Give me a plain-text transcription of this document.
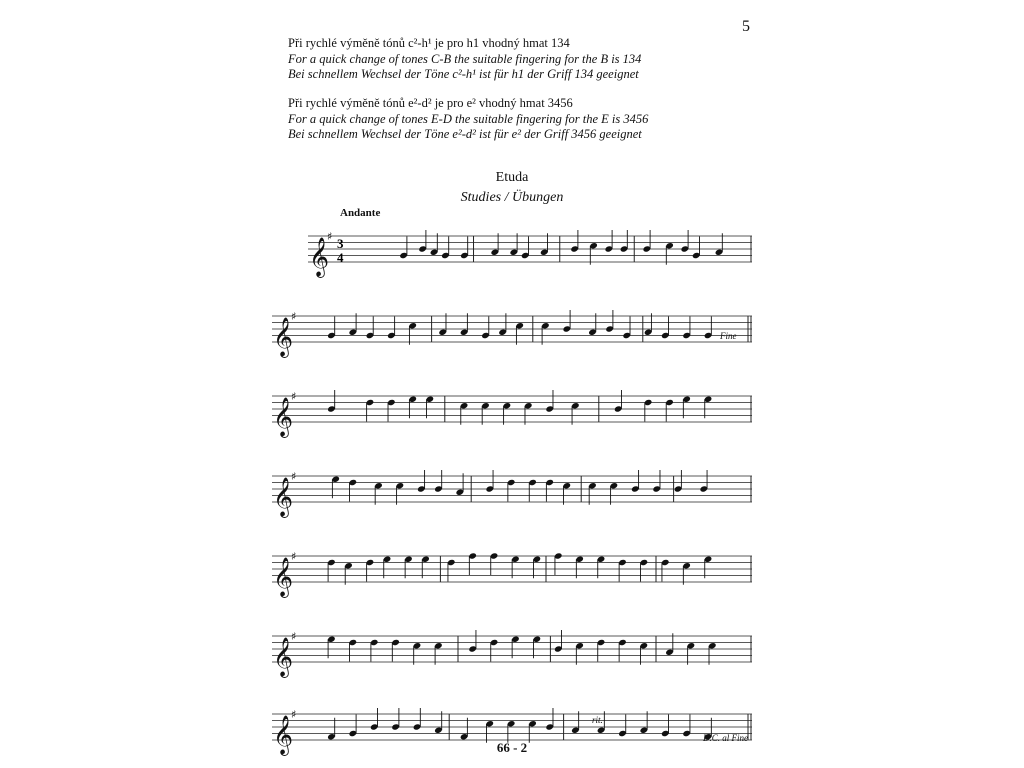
5
Při rychlé výměně tónů c²-h¹ je pro h1 vhodný hmat 134
For a quick change of tones C-B the suitable fingering for the B is 134
Bei schnellem Wechsel der Töne c²-h¹ ist für h1 der Griff 134 geeignet
Při rychlé výměně tónů e²-d² je pro e² vhodný hmat 3456
For a quick change of tones E-D the suitable fingering for the E is 3456
Bei schnellem Wechsel der Töne e²-d² ist für e² der Griff 3456 geeignet
Etuda
Studies / Übungen
Andante
𝄞
♯ 3
4
𝄞
♯
𝄞
♯
𝄞
♯
𝄞
♯
𝄞
♯
𝄞
♯
Fine
rit.
D.C. al Fine
66 - 2
